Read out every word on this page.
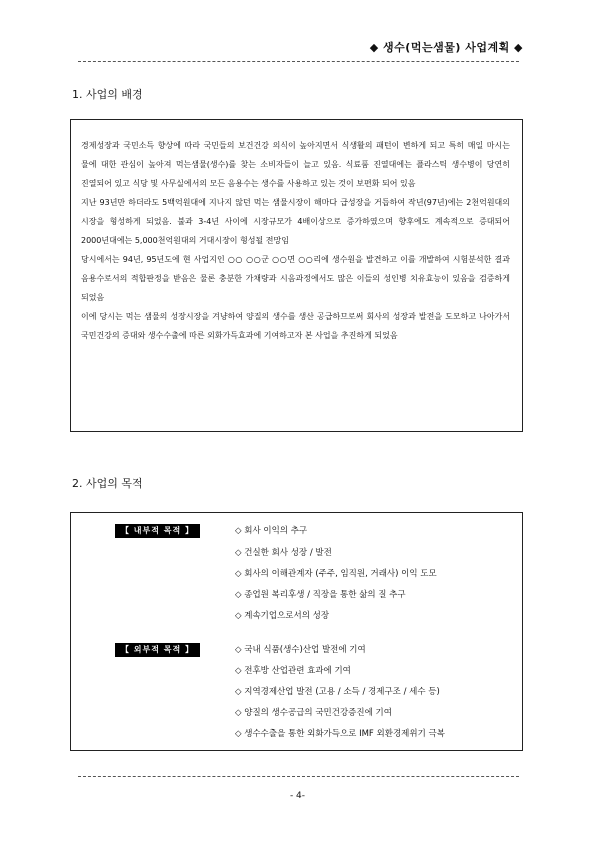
◆ 생수(먹는샘물) 사업계획 ◆
1. 사업의 배경

경제성장과 국민소득 향상에 따라 국민들의 보건건강 의식이 높아지면서 식생활의 패턴이 변하게 되고 특히 매일 마시는 물에 대한 관심이 높아져 먹는샘물(생수)를 찾는 소비자들이 늘고 있음. 식료품 진열대에는 플라스틱 생수병이 당연히 진열되어 있고 식당 및 사무실에서의 모든 음용수는 생수를 사용하고 있는 것이 보편화 되어 있음

지난 93년만 하더라도 5백억원대에 지나지 않던 먹는 샘물시장이 해마다 급성장을 거듭하여 작년(97년)에는 2천억원대의 시장을 형성하게 되었음. 불과 3-4년 사이에 시장규모가 4배이상으로 증가하였으며 향후에도 계속적으로 증대되어 2000년대에는 5,000천억원대의 거대시장이 형성될 전망임

당시에서는 94년, 95년도에 현 사업지인 ○○ ○○군 ○○면 ○○리에 생수원을 발견하고 이를 개발하여 시험분석한 결과 음용수로서의 적합판정을 받음은 물론 충분한 가채량과 시음과정에서도 많은 이들의 성인병 치유효능이 있음을 검증하게 되었음

이에 당시는 먹는 샘물의 성장시장을 겨냥하여 양질의 생수를 생산 공급하므로써 회사의 성장과 발전을 도모하고 나아가서 국민건강의 증대와 생수수출에 따른 외화가득효과에 기여하고자 본 사업을 추진하게 되었음

2. 사업의 목적
【 내부적 목적 】	◇ 회사 이익의 추구
◇ 건실한 회사 성장 / 발전
◇ 회사의 이해관계자 (주주, 임직원, 거래사) 이익 도모
◇ 종업원 복리후생 / 직장을 통한 삶의 질 추구
◇ 계속기업으로서의 성장
【 외부적 목적 】	◇ 국내 식품(생수)산업 발전에 기여
◇ 전후방 산업관련 효과에 기여
◇ 지역경제산업 발전 (고용 / 소득 / 경제구조 / 세수 등)
◇ 양질의 생수공급의 국민건강증진에 기여
◇ 생수수출을 통한 외화가득으로 IMF 외환경제위기 극복
- 4-
